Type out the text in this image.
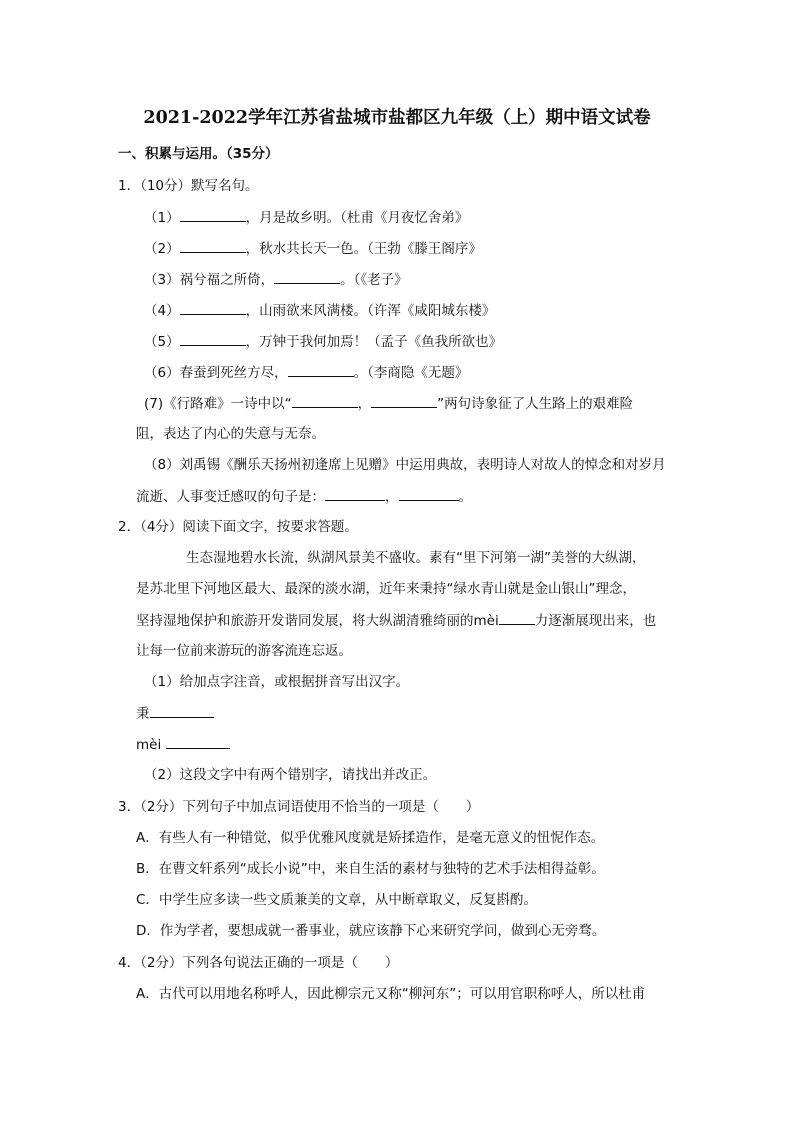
2021-2022学年江苏省盐城市盐都区九年级（上）期中语文试卷
一、积累与运用。（35分）
1．（10分）默写名句。
（1）	，月是故乡明。（杜甫《月夜忆舍弟》
（2）	，秋水共长天一色。（王勃《滕王阁序》
（3）祸兮福之所倚，	。（《老子》
（4）	，山雨欲来风满楼。（许浑《咸阳城东楼》
（5）	，万钟于我何加焉！（孟子《鱼我所欲也》
（6）春蚕到死丝方尽，	。（李商隐《无题》
(7)《行路难》一诗中以“	，	”两句诗象征了人生路上的艰难险
阻，表达了内心的失意与无奈。
（8）刘禹锡《酬乐天扬州初逢席上见赠》中运用典故，表明诗人对故人的悼念和对岁月
流逝、人事变迁感叹的句子是：	，	。
2．（4分）阅读下面文字，按要求答题。
生态湿地碧水长流，纵湖风景美不盛收。素有“里下河第一湖”美誉的大纵湖，
是苏北里下河地区最大、最深的淡水湖，近年来秉持“绿水青山就是金山银山”理念，
坚持湿地保护和旅游开发谐同发展，将大纵湖清雅绮丽的mèi	力逐渐展现出来，也
让每一位前来游玩的游客流连忘返。
（1）给加点字注音，或根据拼音写出汉字。
秉
mèi
（2）这段文字中有两个错别字，请找出并改正。
3．（2分）下列句子中加点词语使用不恰当的一项是（　　）
A．有些人有一种错觉，似乎优雅风度就是矫揉造作，是毫无意义的忸怩作态。
B．在曹文轩系列“成长小说”中，来自生活的素材与独特的艺术手法相得益彰。
C．中学生应多读一些文质兼美的文章，从中断章取义，反复斟酌。
D．作为学者，要想成就一番事业，就应该静下心来研究学问，做到心无旁骛。
4．（2分）下列各句说法正确的一项是（　　）
A．古代可以用地名称呼人，因此柳宗元又称“柳河东”；可以用官职称呼人，所以杜甫
